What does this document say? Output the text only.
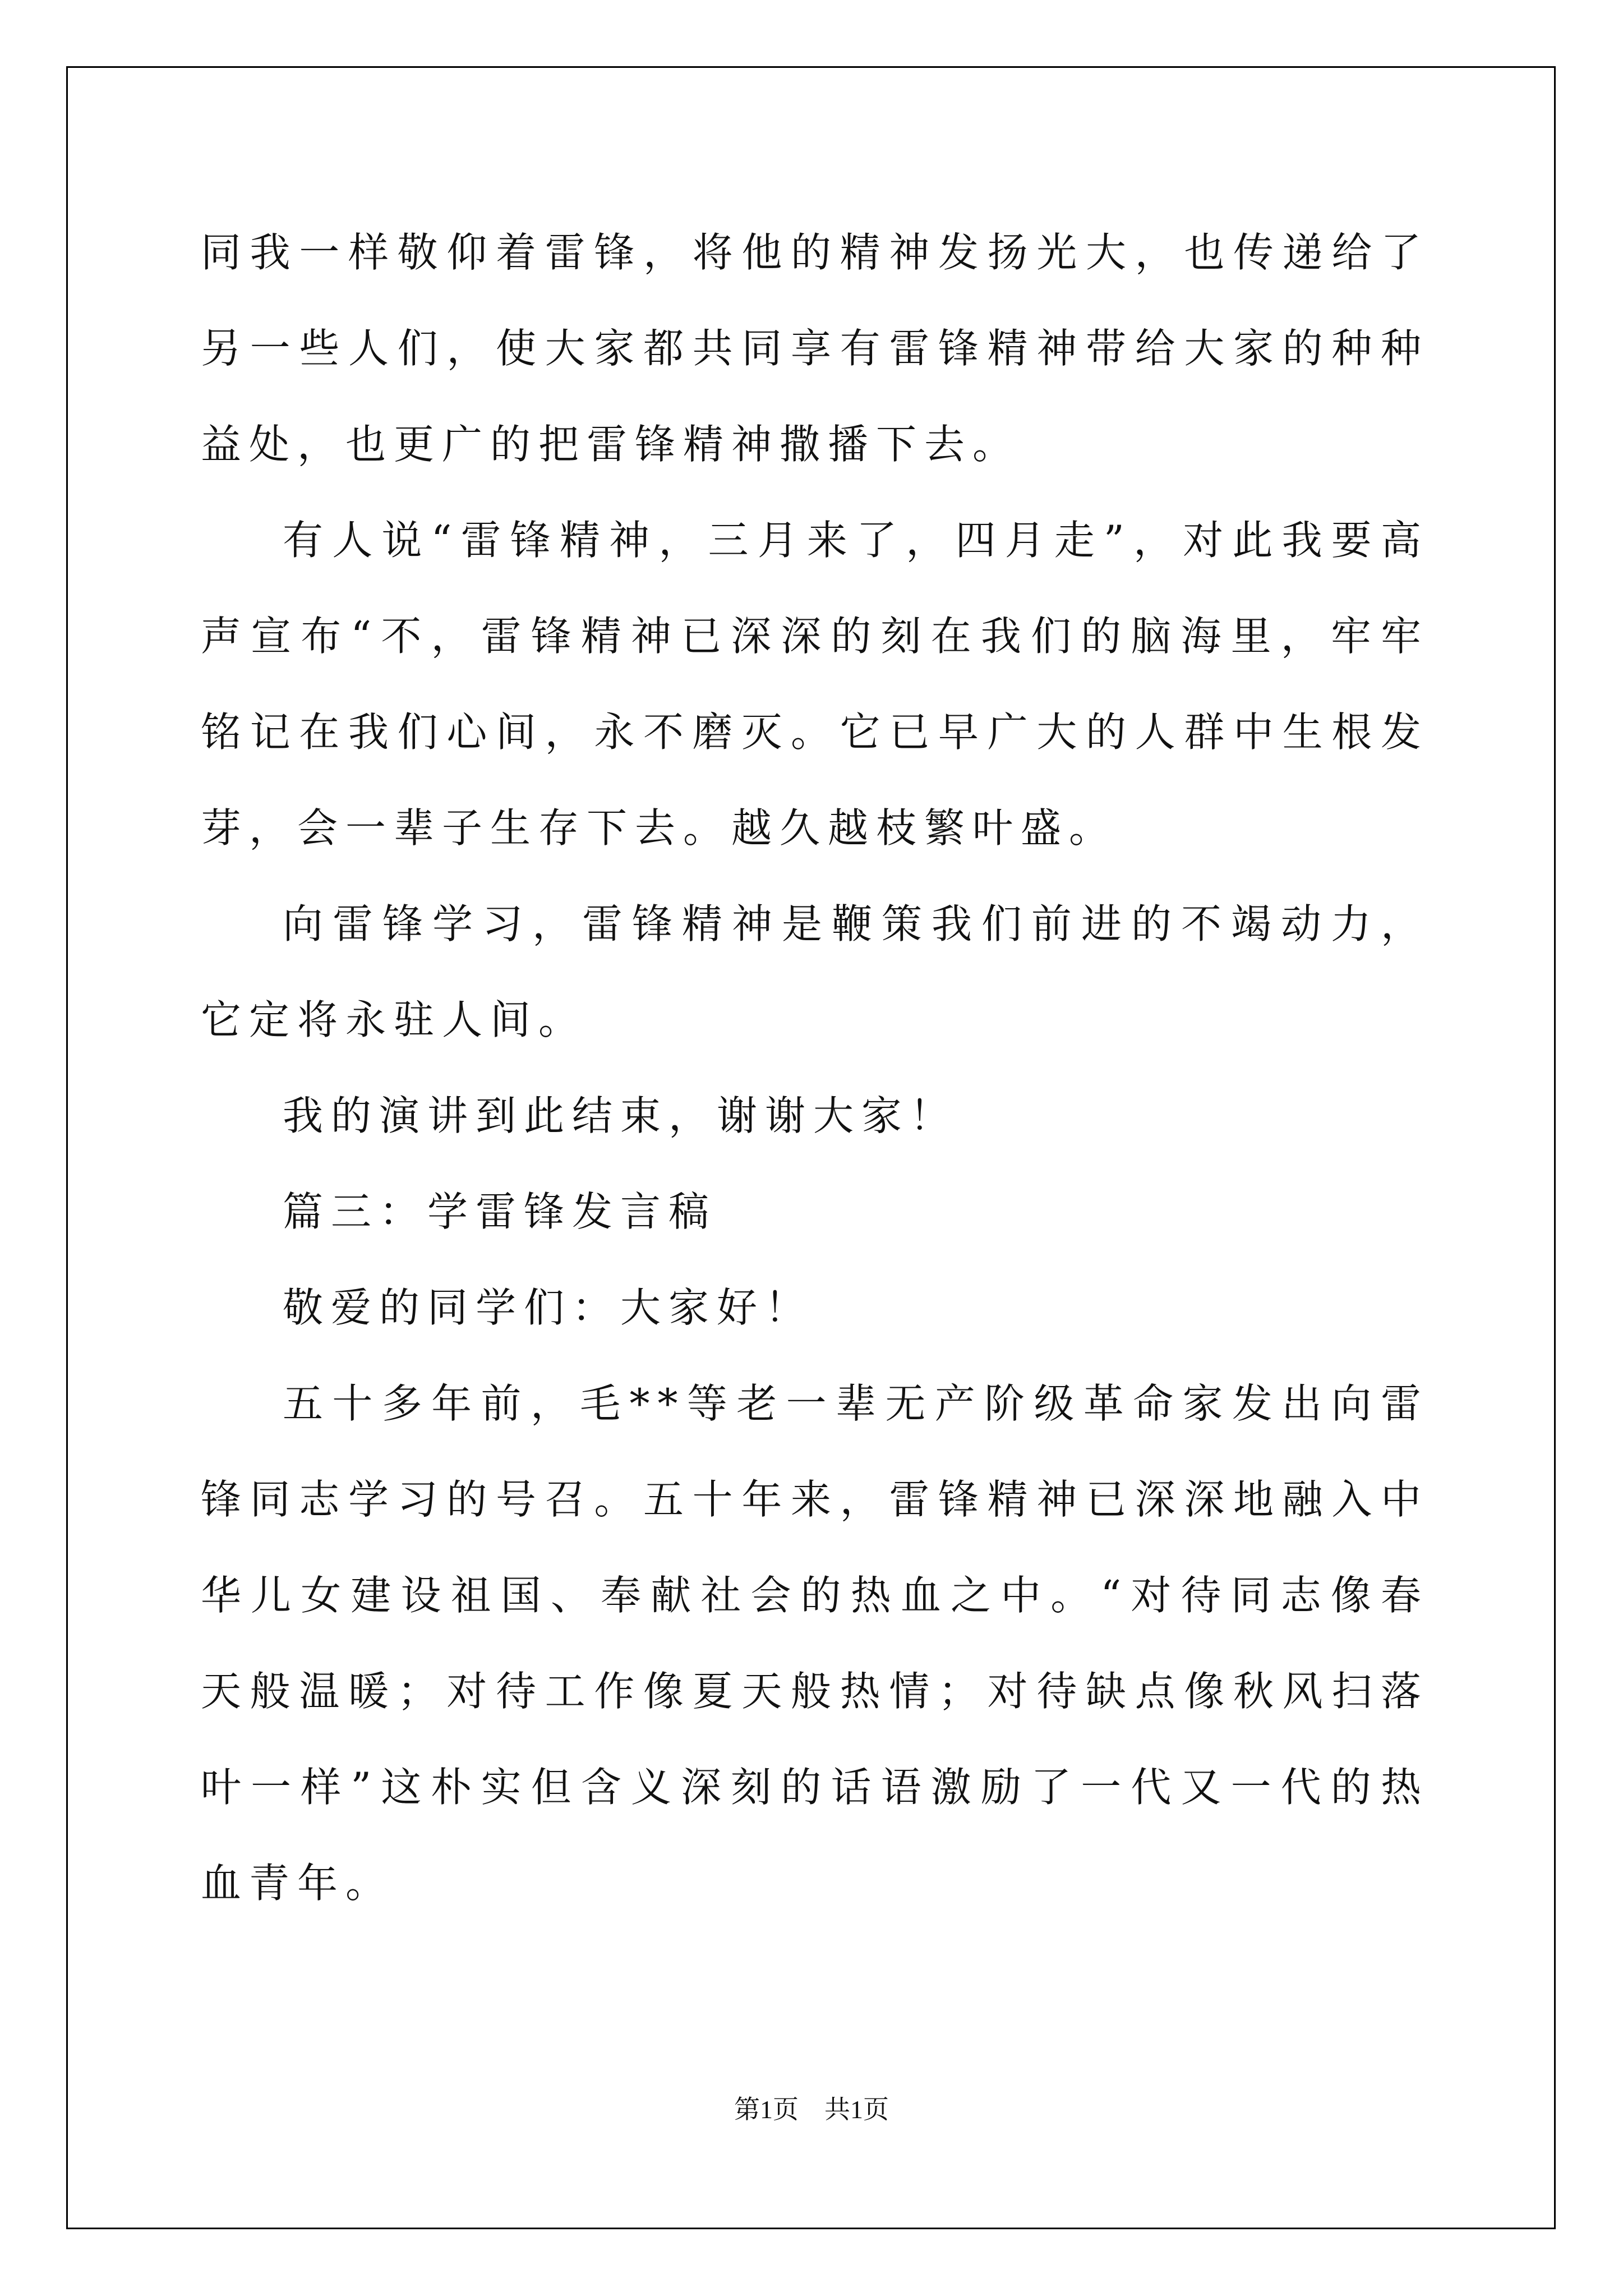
同我一样敬仰着雷锋，将他的精神发扬光大，也传递给了另一些人们，使大家都共同享有雷锋精神带给大家的种种益处，也更广的把雷锋精神撒播下去。

有人说“雷锋精神，三月来了，四月走”，对此我要高声宣布“不，雷锋精神已深深的刻在我们的脑海里，牢牢铭记在我们心间，永不磨灭。它已早广大的人群中生根发芽，会一辈子生存下去。越久越枝繁叶盛。

向雷锋学习，雷锋精神是鞭策我们前进的不竭动力，它定将永驻人间。

我的演讲到此结束，谢谢大家！

篇三：学雷锋发言稿

敬爱的同学们：大家好！

五十多年前，毛**等老一辈无产阶级革命家发出向雷锋同志学习的号召。五十年来，雷锋精神已深深地融入中华儿女建设祖国、奉献社会的热血之中。“对待同志像春天般温暖；对待工作像夏天般热情；对待缺点像秋风扫落叶一样”这朴实但含义深刻的话语激励了一代又一代的热血青年。

第1页　共1页
